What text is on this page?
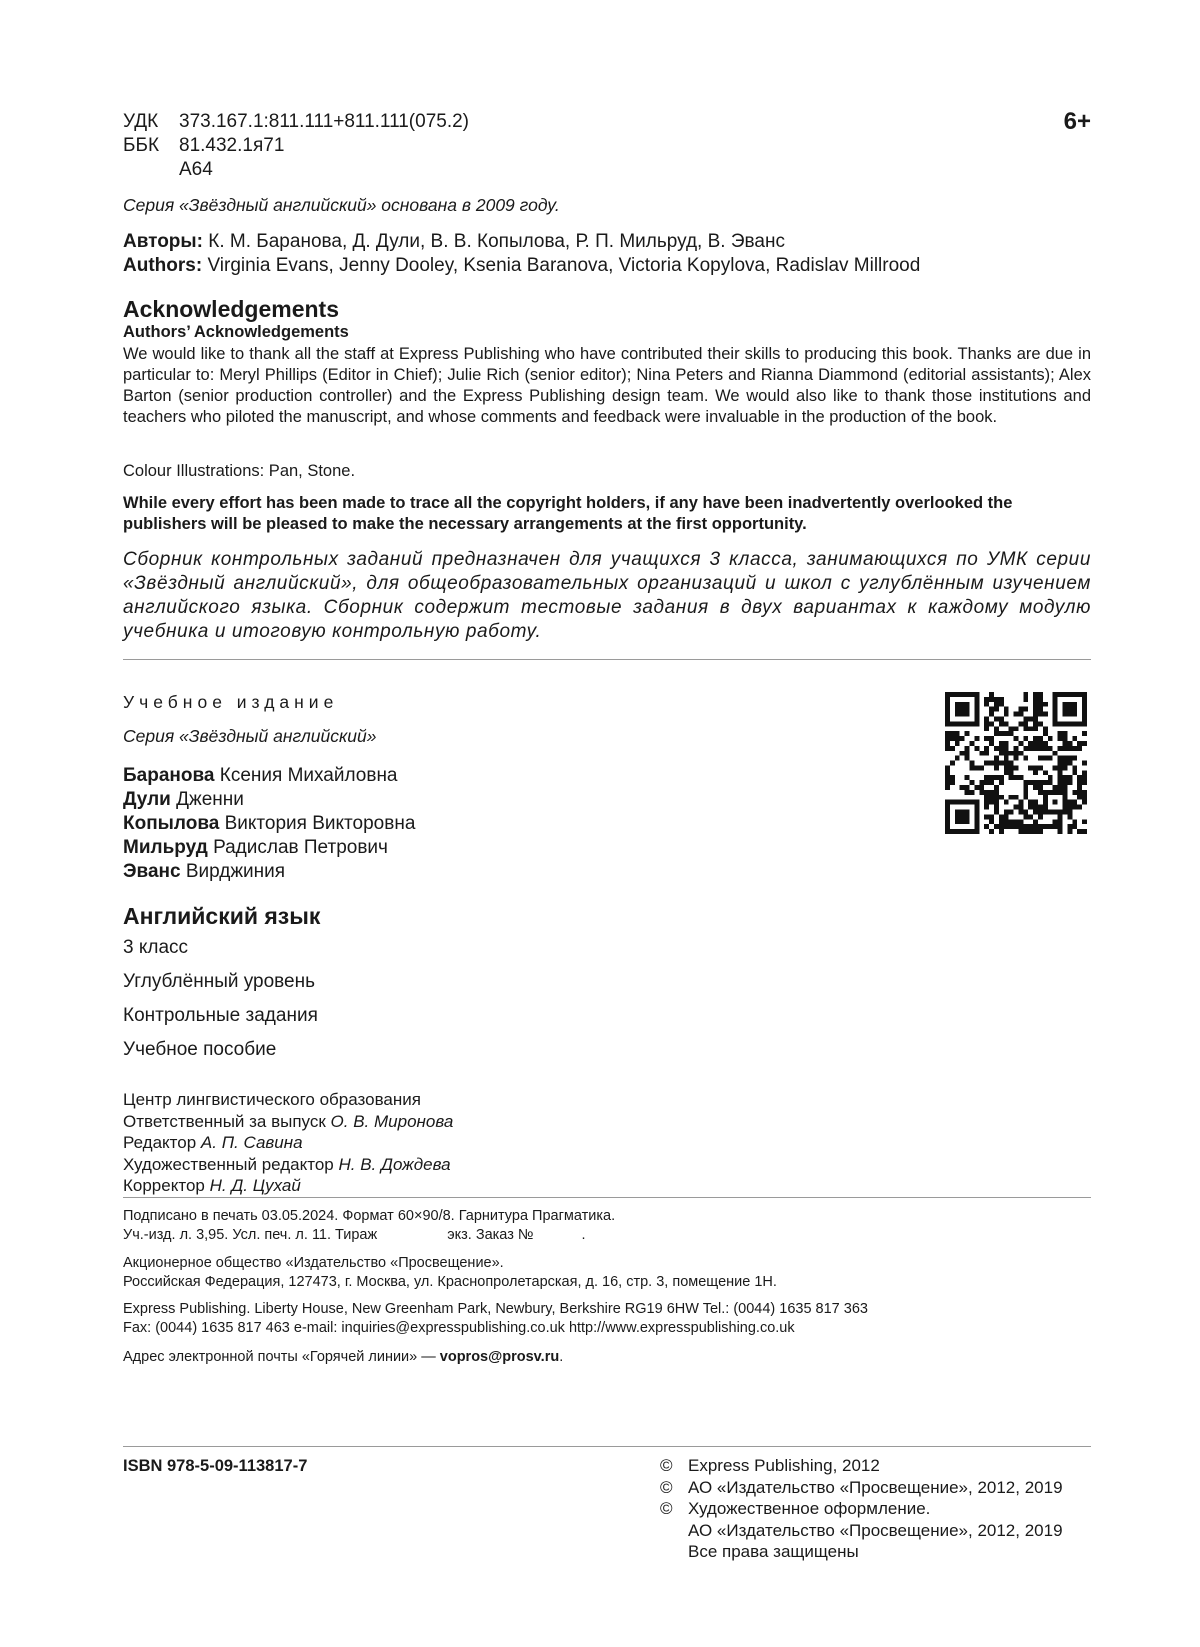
УДК	373.167.1:811.111+811.111(075.2)
ББК	81.432.1я71
А64
6+
Серия «Звёздный английский» основана в 2009 году.
Авторы: К. М. Баранова, Д. Дули, В. В. Копылова, Р. П. Мильруд, В. Эванс
Authors: Virginia Evans, Jenny Dooley, Ksenia Baranova, Victoria Kopylova, Radislav Millrood
Acknowledgements
Authors’ Acknowledgements
We would like to thank all the staff at Express Publishing who have contributed their skills to producing this book. Thanks are due in particular to: Meryl Phillips (Editor in Chief); Julie Rich (senior editor); Nina Peters and Rianna Diammond (editorial assistants); Alex Barton (senior production controller) and the Express Publishing design team. We would also like to thank those institutions and teachers who piloted the manuscript, and whose comments and feedback were invaluable in the production of the book.
Colour Illustrations: Pan, Stone.
While every effort has been made to trace all the copyright holders, if any have been inadvertently overlooked the publishers will be pleased to make the necessary arrangements at the first opportunity.
Сборник контрольных заданий предназначен для учащихся 3 класса, занимающихся по УМК серии «Звёздный английский», для общеобразовательных организаций и школ с углублённым изучением английского языка. Сборник содержит тестовые задания в двух вариантах к каждому модулю учебника и итоговую контрольную работу.
Учебное издание
Серия «Звёздный английский»
Баранова Ксения Михайловна
Дули Дженни
Копылова Виктория Викторовна
Мильруд Радислав Петрович
Эванс Вирджиния
Английский язык
3 класс
Углублённый уровень
Контрольные задания
Учебное пособие
Центр лингвистического образования
Ответственный за выпуск О. В. Миронова
Редактор А. П. Савина
Художественный редактор Н. В. Дождева
Корректор Н. Д. Цухай
Подписано в печать 03.05.2024. Формат 60×90/8. Гарнитура Прагматика.
Уч.-изд. л. 3,95. Усл. печ. л. 11. Тираж	экз. Заказ №	.
Акционерное общество «Издательство «Просвещение».
Российская Федерация, 127473, г. Москва, ул. Краснопролетарская, д. 16, стр. 3, помещение 1Н.
Express Publishing. Liberty House, New Greenham Park, Newbury, Berkshire RG19 6HW Tel.: (0044) 1635 817 363
Fax: (0044) 1635 817 463 e-mail: inquiries@expresspublishing.co.uk http://www.expresspublishing.co.uk
Адрес электронной почты «Горячей линии» — vopros@prosv.ru.
ISBN 978-5-09-113817-7	© Express Publishing, 2012
© АО «Издательство «Просвещение», 2012, 2019
© Художественное оформление.
АО «Издательство «Просвещение», 2012, 2019
Все права защищены
